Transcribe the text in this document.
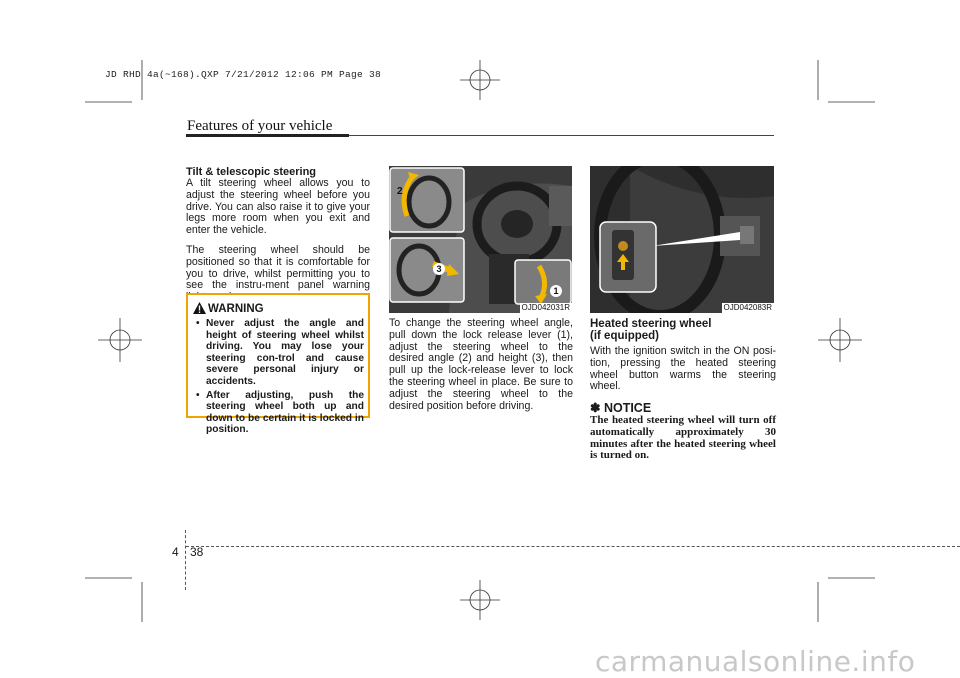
JD RHD 4a(~168).QXP 7/21/2012 12:06 PM Page 38
Features of your vehicle
Tilt & telescopic steering
A tilt steering wheel allows you to adjust the steering wheel before you drive. You can also raise it to give your legs more room when you exit and enter the vehicle.
The steering wheel should be positioned so that it is comfortable for you to drive, whilst permitting you to see the instru-ment panel warning
WARNING
• Never adjust the angle and height of steering wheel whilst driving. You may lose your steering con-trol and cause severe personal injury or accidents.
• After adjusting, push the steering wheel both up and down to be certain it is locked in position.
2
3
1
OJD042031R
To change the steering wheel angle, pull down the lock release lever (1), adjust the steering wheel to the desired angle (2) and height (3), then pull up the lock-release lever to lock the steering wheel in place. Be sure to adjust the steering wheel to the desired position before driving.
OJD042083R
Heated steering wheel
(if equipped)
With the ignition switch in the ON posi-tion, pressing the heated steering wheel button warms the steering wheel.
✽ NOTICE
The heated steering wheel will turn off automatically approximately 30 minutes after the heated steering wheel is turned on.
4 38
carmanualsonline.info
